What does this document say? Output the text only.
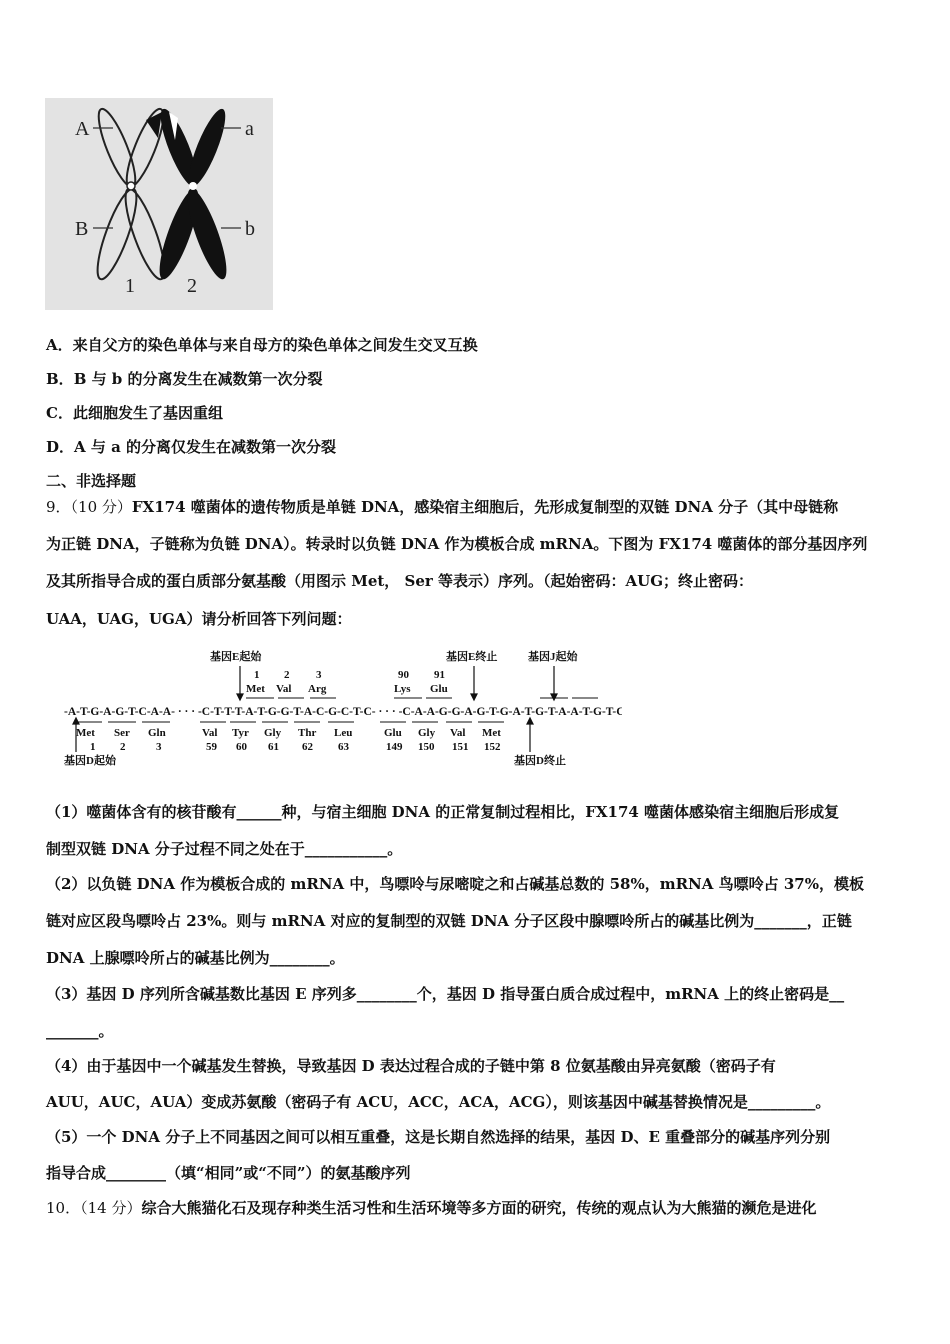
A	a
B	b
1	2
A．来自父方的染色单体与来自母方的染色单体之间发生交叉互换
B．B 与 b 的分离发生在减数第一次分裂
C．此细胞发生了基因重组
D．A 与 a 的分离仅发生在减数第一次分裂
二、非选择题
9．（10 分）FX174 噬菌体的遗传物质是单链 DNA，感染宿主细胞后，先形成复制型的双链 DNA 分子（其中母链称
为正链 DNA，子链称为负链 DNA）。转录时以负链 DNA 作为模板合成 mRNA。下图为 FX174 噬菌体的部分基因序列
及其所指导合成的蛋白质部分氨基酸（用图示 Met， Ser 等表示）序列。（起始密码：AUG；终止密码：
UAA，UAG，UGA）请分析回答下列问题：
基因E起始	基因E终止	基因J起始
1 2 3	90 91
Met Val Arg	Lys Glu
-A-T-G-A-G-T-C-A-A- · · · -C-T-T-T-A-T-G-G-T-A-C-G-C-T-C- · · · -C-A-A-G-G-A-G-T-G-A-T-G-T-A-A-T-G-T-C-T-A-
Met Ser Gln	Val Tyr Gly Thr Leu	Glu Gly Val Met
1 2	3	59 60 61 62 63	149 150 151 152
基因D起始	基因D终止
（1）噬菌体含有的核苷酸有______种，与宿主细胞 DNA 的正常复制过程相比，FX174 噬菌体感染宿主细胞后形成复
制型双链 DNA 分子过程不同之处在于___________。
（2）以负链 DNA 作为模板合成的 mRNA 中，鸟嘌呤与尿嘧啶之和占碱基总数的 58%，mRNA 鸟嘌呤占 37%，模板
链对应区段鸟嘌呤占 23%。则与 mRNA 对应的复制型的双链 DNA 分子区段中腺嘌呤所占的碱基比例为_______，正链
DNA 上腺嘌呤所占的碱基比例为________。
（3）基因 D 序列所含碱基数比基因 E 序列多________个，基因 D 指导蛋白质合成过程中，mRNA 上的终止密码是__
_______。
（4）由于基因中一个碱基发生替换，导致基因 D 表达过程合成的子链中第 8 位氨基酸由异亮氨酸（密码子有
AUU，AUC，AUA）变成苏氨酸（密码子有 ACU，ACC，ACA，ACG），则该基因中碱基替换情况是_________。
（5）一个 DNA 分子上不同基因之间可以相互重叠，这是长期自然选择的结果，基因 D、E 重叠部分的碱基序列分别
指导合成________（填“相同”或“不同”）的氨基酸序列
10．（14 分）综合大熊猫化石及现存种类生活习性和生活环境等多方面的研究，传统的观点认为大熊猫的濒危是进化
